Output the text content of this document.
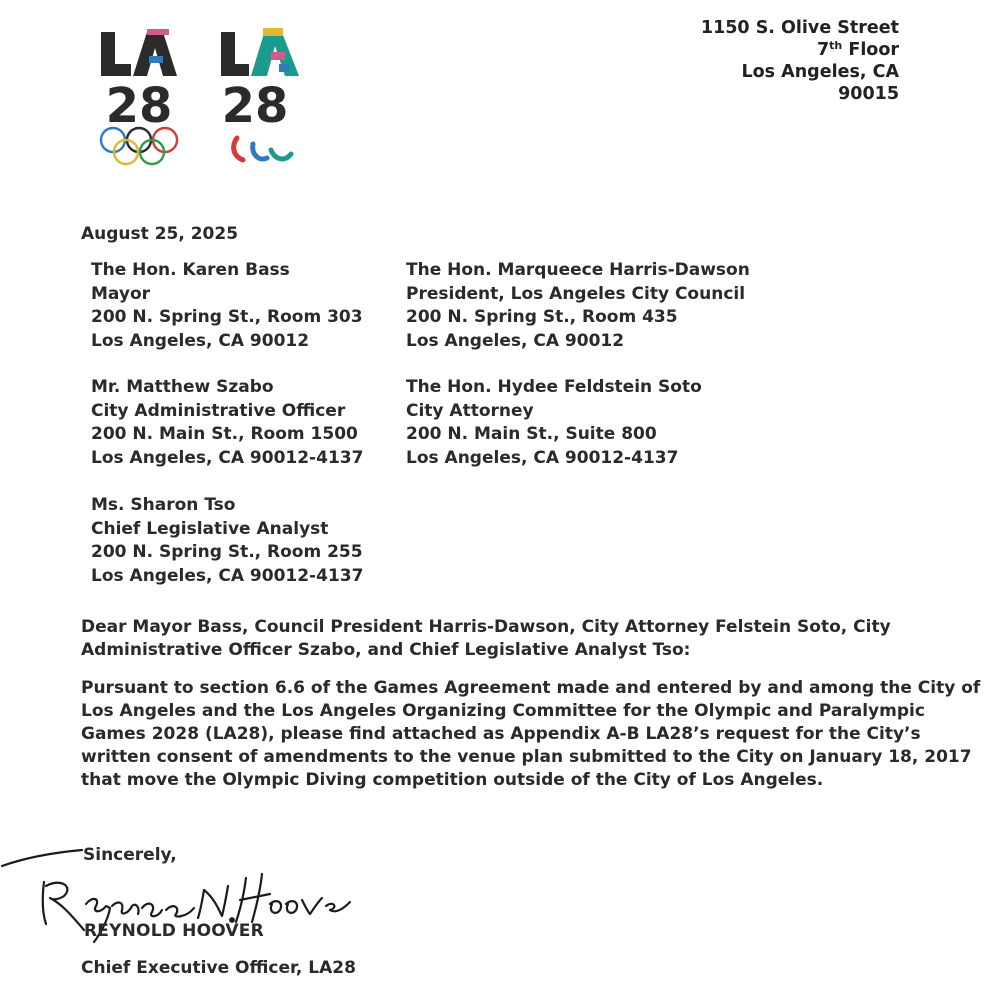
28 28
1150 S. Olive Street
7th Floor
Los Angeles, CA
90015
August 25, 2025
The Hon. Karen Bass
Mayor
200 N. Spring St., Room 303
Los Angeles, CA 90012
The Hon. Marqueece Harris-Dawson
President, Los Angeles City Council
200 N. Spring St., Room 435
Los Angeles, CA 90012
Mr. Matthew Szabo
City Administrative Officer
200 N. Main St., Room 1500
Los Angeles, CA 90012-4137
The Hon. Hydee Feldstein Soto
City Attorney
200 N. Main St., Suite 800
Los Angeles, CA 90012-4137
Ms. Sharon Tso
Chief Legislative Analyst
200 N. Spring St., Room 255
Los Angeles, CA 90012-4137
Dear Mayor Bass, Council President Harris-Dawson, City Attorney Felstein Soto, City
Administrative Officer Szabo, and Chief Legislative Analyst Tso:
Pursuant to section 6.6 of the Games Agreement made and entered by and among the City of
Los Angeles and the Los Angeles Organizing Committee for the Olympic and Paralympic
Games 2028 (LA28), please find attached as Appendix A-B LA28’s request for the City’s
written consent of amendments to the venue plan submitted to the City on January 18, 2017
that move the Olympic Diving competition outside of the City of Los Angeles.
Sincerely,
REYNOLD HOOVER
Chief Executive Officer, LA28
